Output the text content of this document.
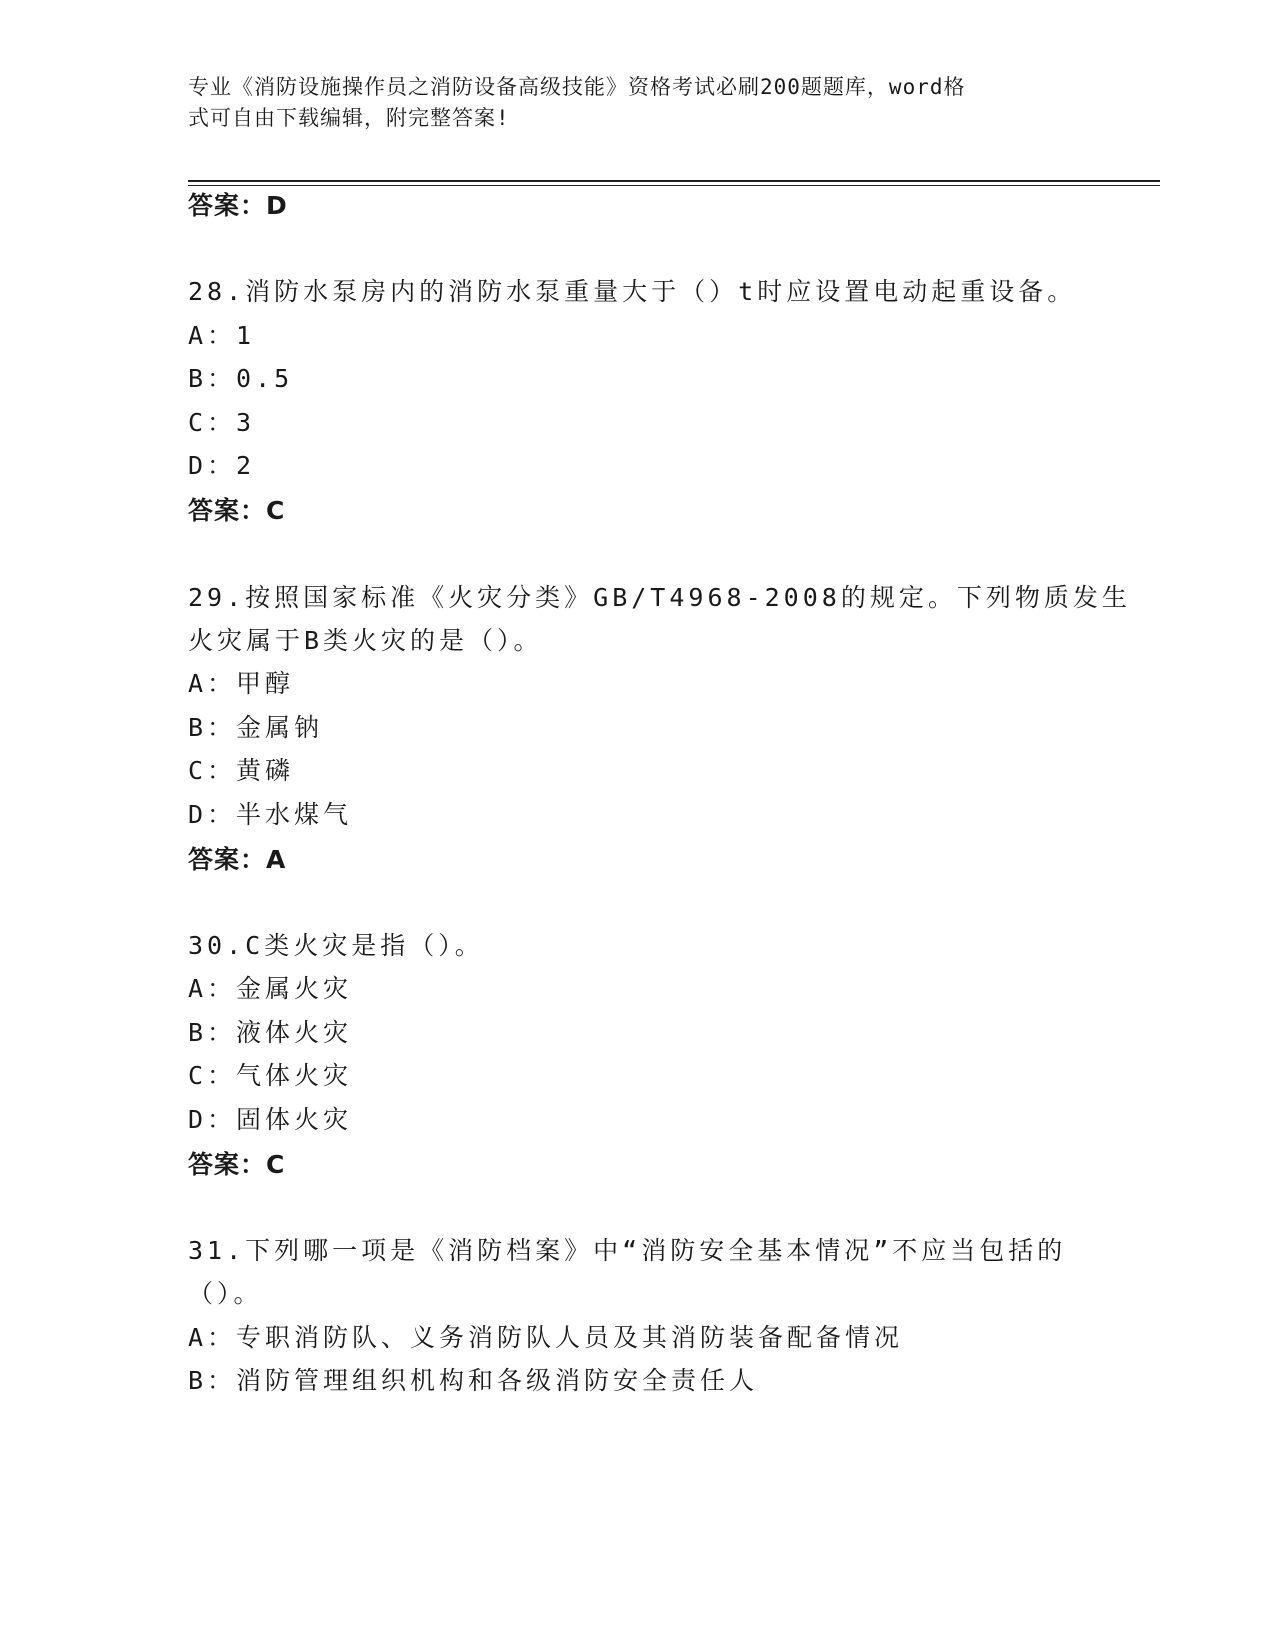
专业《消防设施操作员之消防设备高级技能》资格考试必刷200题题库，word格
式可自由下载编辑，附完整答案!
答案：D
28.消防水泵房内的消防水泵重量大于（）t时应设置电动起重设备。
A：1
B：0.5
C：3
D：2
答案：C
29.按照国家标准《火灾分类》GB/T4968-2008的规定。下列物质发生
火灾属于B类火灾的是（）。
A：甲醇
B：金属钠
C：黄磷
D：半水煤气
答案：A
30.C类火灾是指（）。
A：金属火灾
B：液体火灾
C：气体火灾
D：固体火灾
答案：C
31.下列哪一项是《消防档案》中“消防安全基本情况”不应当包括的
（）。
A：专职消防队、义务消防队人员及其消防装备配备情况
B：消防管理组织机构和各级消防安全责任人
